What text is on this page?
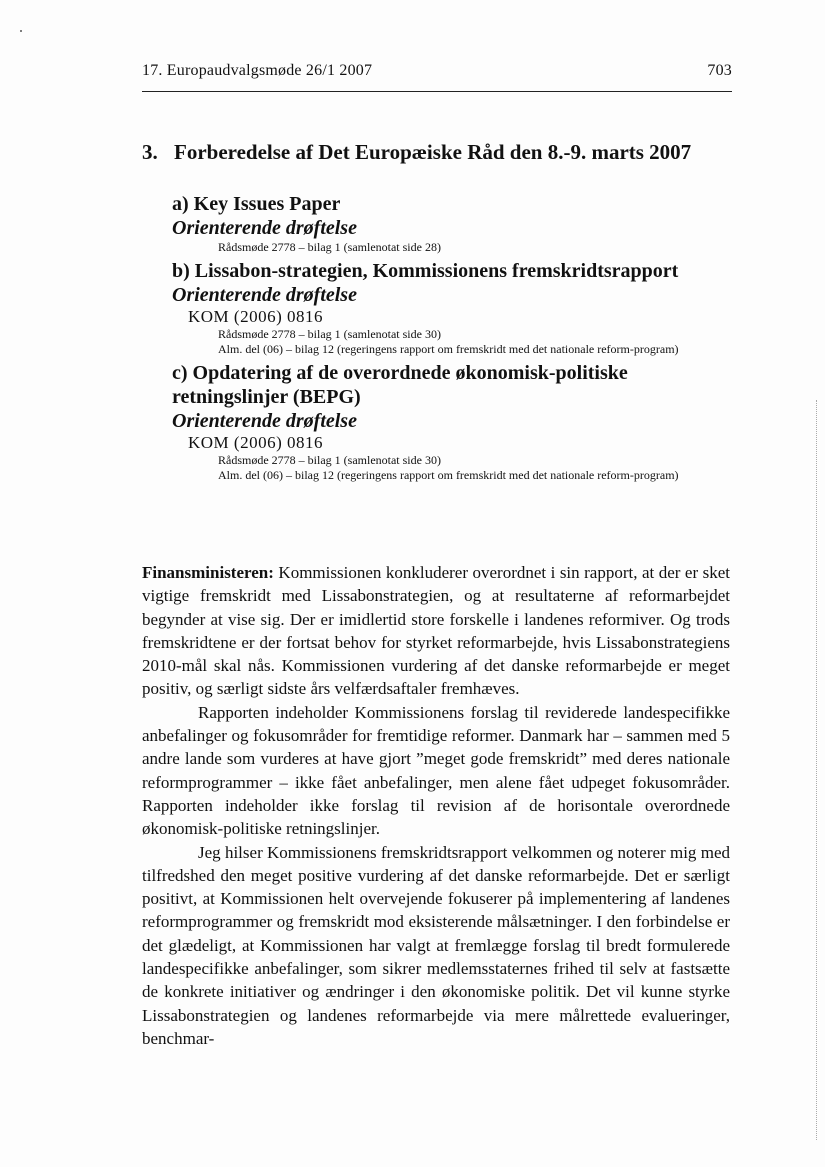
17. Europaudvalgsmøde 26/1 2007	703
3. Forberedelse af Det Europæiske Råd den 8.-9. marts 2007

a) Key Issues Paper

Orienterende drøftelse

Rådsmøde 2778 – bilag 1 (samlenotat side 28)

b) Lissabon-strategien, Kommissionens fremskridtsrapport

Orienterende drøftelse

KOM (2006) 0816
Rådsmøde 2778 – bilag 1 (samlenotat side 30)
Alm. del (06) – bilag 12 (regeringens rapport om fremskridt med det nationale reform-program)

c) Opdatering af de overordnede økonomisk-politiske retningslinjer (BEPG)

Orienterende drøftelse

KOM (2006) 0816
Rådsmøde 2778 – bilag 1 (samlenotat side 30)
Alm. del (06) – bilag 12 (regeringens rapport om fremskridt med det nationale reform-program)

Finansministeren: Kommissionen konkluderer overordnet i sin rapport, at der er sket vigtige fremskridt med Lissabonstrategien, og at resultaterne af reformarbejdet begynder at vise sig. Der er imidlertid store forskelle i landenes reformiver. Og trods fremskridtene er der fortsat behov for styrket reformarbejde, hvis Lissabonstrategiens 2010-mål skal nås. Kommissionen vurdering af det danske reformarbejde er meget positiv, og særligt sidste års velfærdsaftaler fremhæves.

Rapporten indeholder Kommissionens forslag til reviderede landespecifikke anbefalinger og fokusområder for fremtidige reformer. Danmark har – sammen med 5 andre lande som vurderes at have gjort ”meget gode fremskridt” med deres nationale reformprogrammer – ikke fået anbefalinger, men alene fået udpeget fokusområder. Rapporten indeholder ikke forslag til revision af de horisontale overordnede økonomisk-politiske retningslinjer.

Jeg hilser Kommissionens fremskridtsrapport velkommen og noterer mig med tilfredshed den meget positive vurdering af det danske reformarbejde. Det er særligt positivt, at Kommissionen helt overvejende fokuserer på implementering af landenes reformprogrammer og fremskridt mod eksisterende målsætninger. I den forbindelse er det glædeligt, at Kommissionen har valgt at fremlægge forslag til bredt formulerede landespecifikke anbefalinger, som sikrer medlemsstaternes frihed til selv at fastsætte de konkrete initiativer og ændringer i den økonomiske politik. Det vil kunne styrke Lissabonstrategien og landenes reformarbejde via mere målrettede evalueringer, benchmar-
